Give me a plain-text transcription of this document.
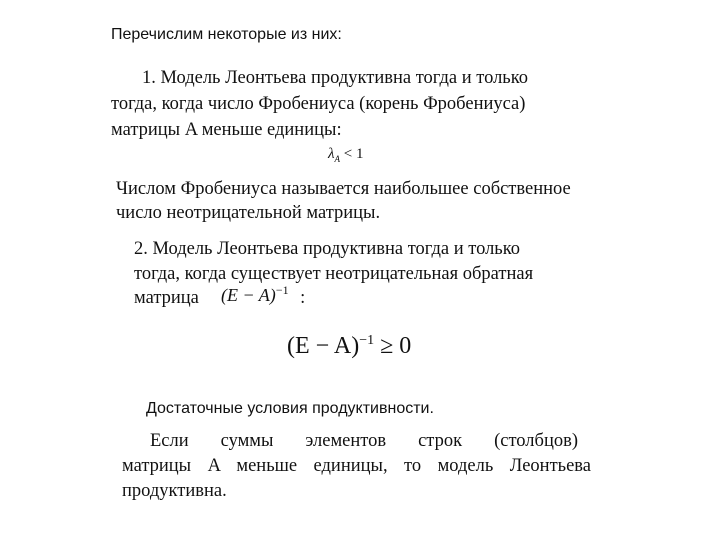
Перечислим некоторые из них:
1. Модель Леонтьева продуктивна тогда и только
тогда, когда число Фробениуса (корень Фробениуса)
матрицы A меньше единицы:
$\lambda_A < 1$
Числом Фробениуса называется наибольшее собственное
число неотрицательной матрицы.
2. Модель Леонтьева продуктивна тогда и только
тогда, когда существует неотрицательная обратная
матрица	:
$(E - A)^{-1}$
$(E - A)^{-1} \ge 0$
Достаточные условия продуктивности.
Если суммы элементов строк (столбцов)
матрицы A меньше единицы, то модель Леонтьева
продуктивна.
